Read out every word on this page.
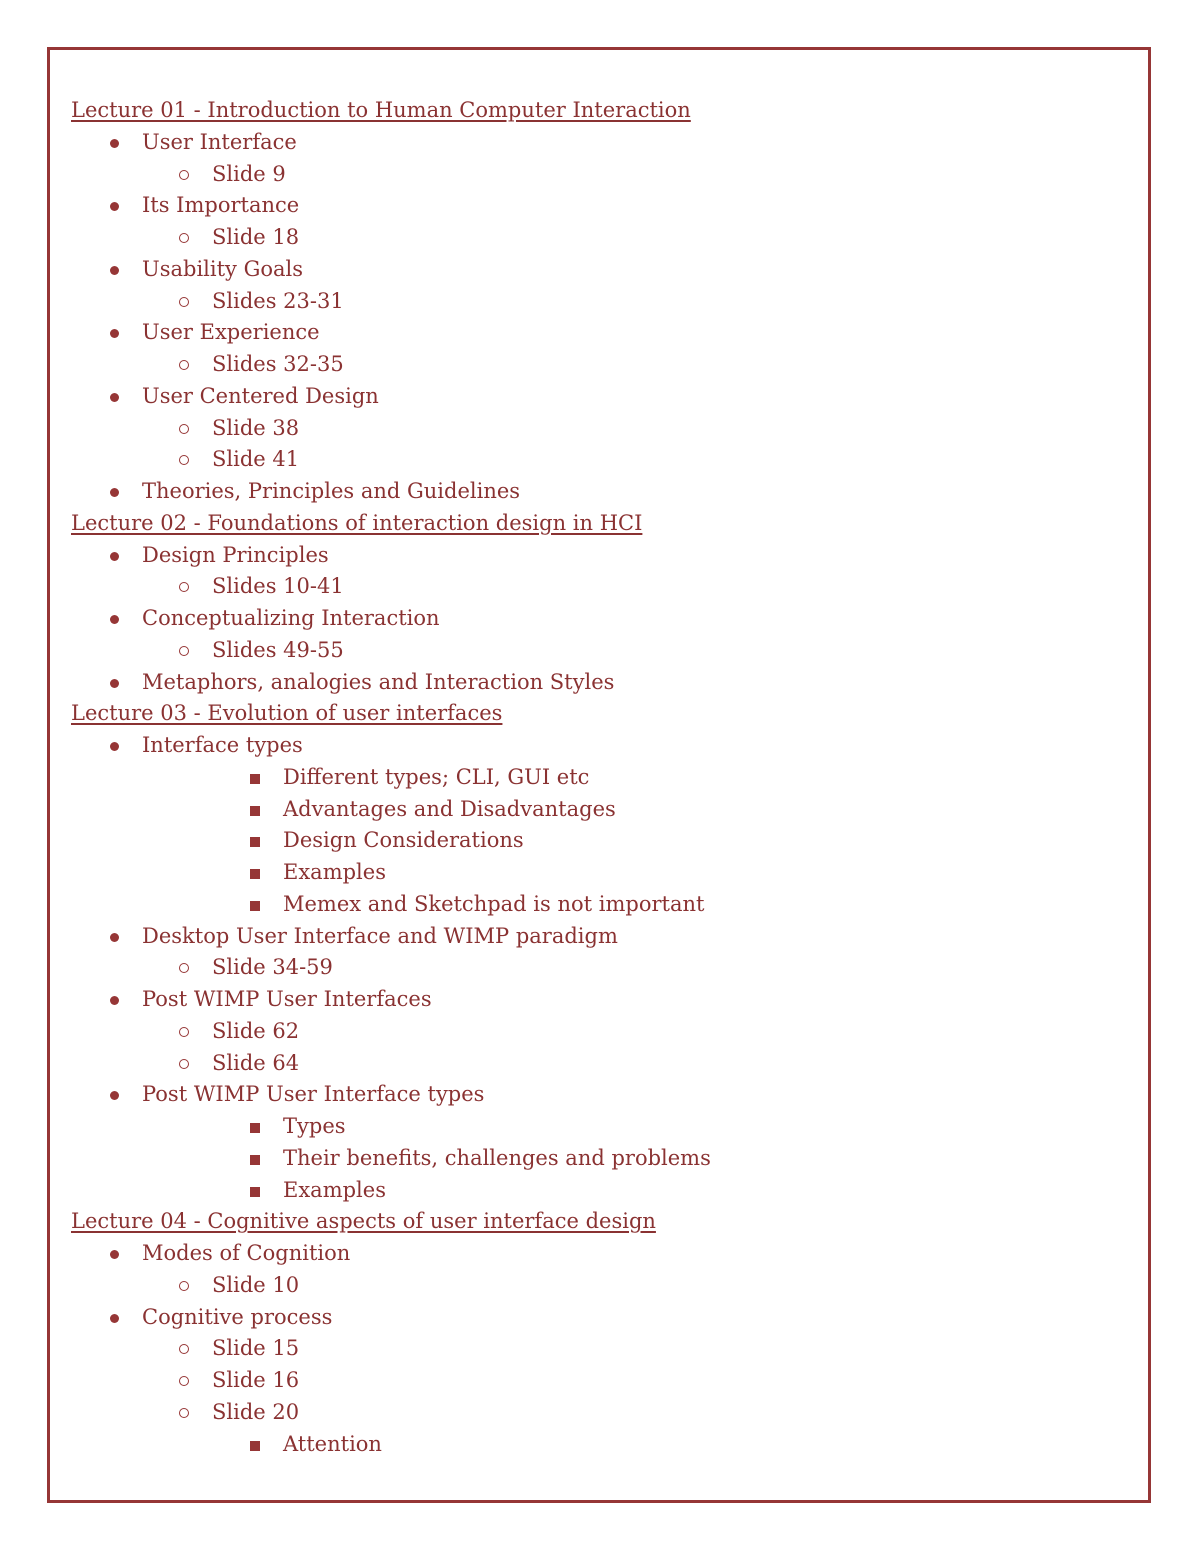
Lecture 01 - Introduction to Human Computer Interaction
User Interface
Slide 9
Its Importance
Slide 18
Usability Goals
Slides 23-31
User Experience
Slides 32-35
User Centered Design
Slide 38
Slide 41
Theories, Principles and Guidelines
Lecture 02 - Foundations of interaction design in HCI
Design Principles
Slides 10-41
Conceptualizing Interaction
Slides 49-55
Metaphors, analogies and Interaction Styles
Lecture 03 - Evolution of user interfaces
Interface types
Different types; CLI, GUI etc
Advantages and Disadvantages
Design Considerations
Examples
Memex and Sketchpad is not important
Desktop User Interface and WIMP paradigm
Slide 34-59
Post WIMP User Interfaces
Slide 62
Slide 64
Post WIMP User Interface types
Types
Their benefits, challenges and problems
Examples
Lecture 04 - Cognitive aspects of user interface design
Modes of Cognition
Slide 10
Cognitive process
Slide 15
Slide 16
Slide 20
Attention
